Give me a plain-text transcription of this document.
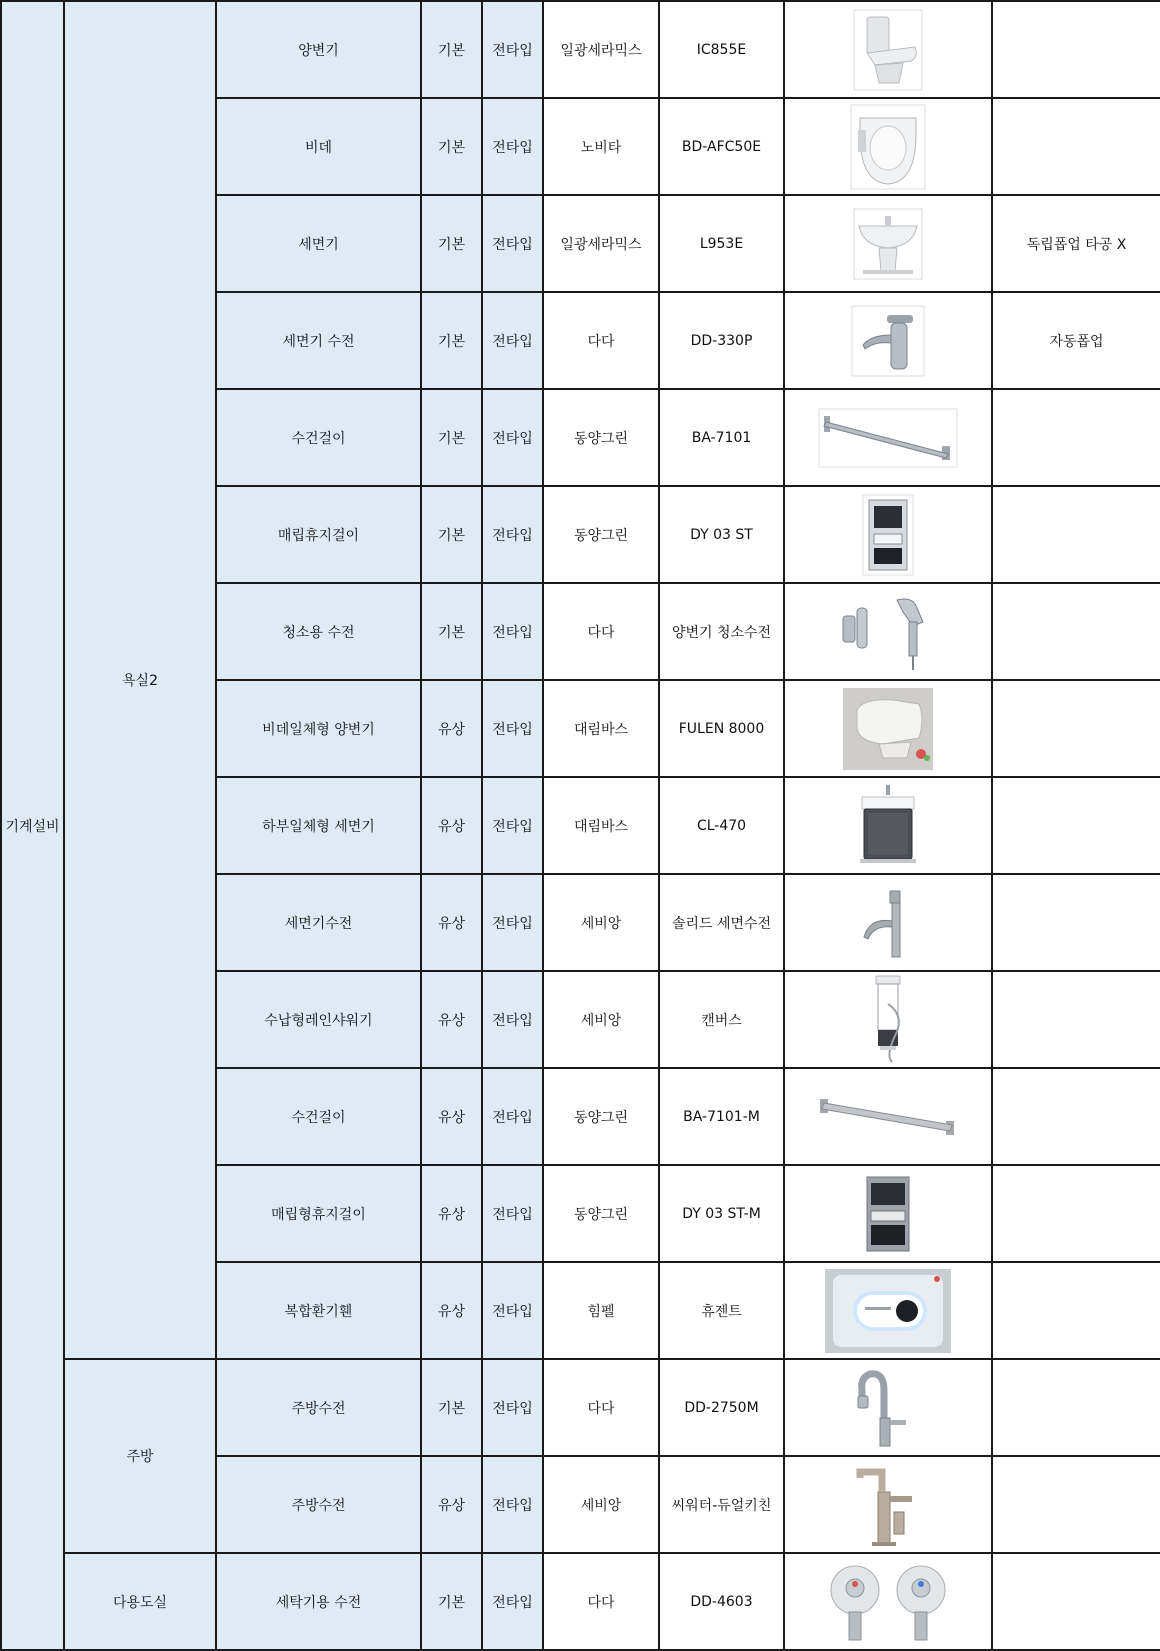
기계설비	욕실2	양변기	기본	전타입	일광세라믹스	IC855E	

		비데	기본	전타입	노비타	BD-AFC50E	

		세면기	기본	전타입	일광세라믹스	L953E		독립폽업 타공 X
		세면기 수전	기본	전타입	다다	DD-330P		자동폽업
		수건걸이	기본	전타입	동양그린	BA-7101	

		매립휴지걸이	기본	전타입	동양그린	DY 03 ST	

		청소용 수전	기본	전타입	다다	양변기 청소수전	

		비데일체형 양변기	유상	전타입	대림바스	FULEN 8000	

		하부일체형 세면기	유상	전타입	대림바스	CL-470	

		세면기수전	유상	전타입	세비앙	솔리드 세면수전	

		수납형레인샤워기	유상	전타입	세비앙	캔버스	

		수건걸이	유상	전타입	동양그린	BA-7101-M	

		매립형휴지걸이	유상	전타입	동양그린	DY 03 ST-M	

		복합환기휀	유상	전타입	힘펠	휴젠트	

	주방	주방수전	기본	전타입	다다	DD-2750M	

		주방수전	유상	전타입	세비앙	씨워터-듀얼키친	

	다용도실	세탁기용 수전	기본	전타입	다다	DD-4603	
